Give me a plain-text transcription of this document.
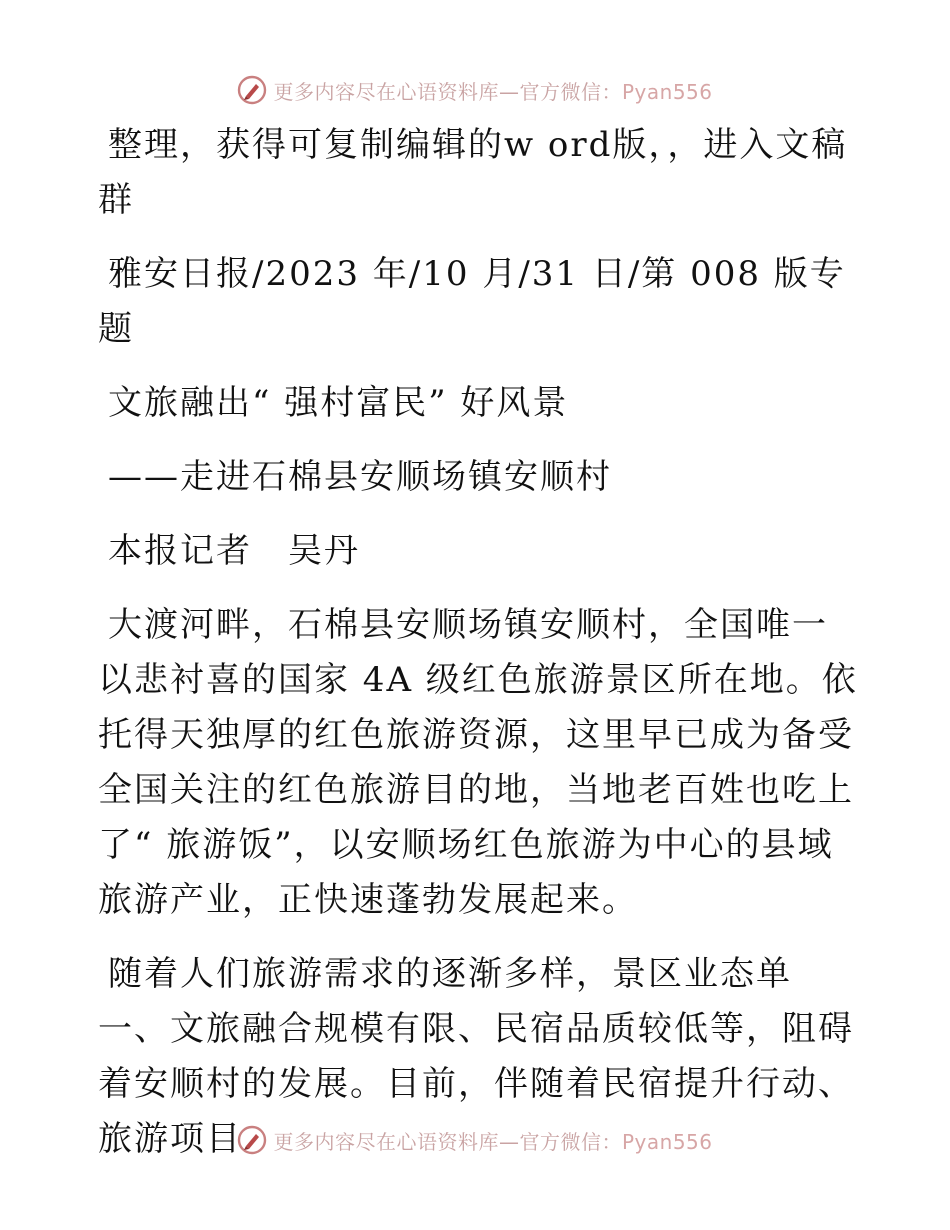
更多内容尽在心语资料库—官方微信：Pyan556

整理，获得可复制编辑的w ord版，，进入文稿群

雅安日报/2023 年/10 月/31 日/第 008 版专题

文旅融出“ 强村富民” 好风景

——走进石棉县安顺场镇安顺村

本报记者　吴丹

大渡河畔，石棉县安顺场镇安顺村，全国唯一以悲衬喜的国家 4A 级红色旅游景区所在地。依托得天独厚的红色旅游资源，这里早已成为备受全国关注的红色旅游目的地，当地老百姓也吃上了“ 旅游饭”，以安顺场红色旅游为中心的县域旅游产业，正快速蓬勃发展起来。

随着人们旅游需求的逐渐多样，景区业态单一、文旅融合规模有限、民宿品质较低等，阻碍着安顺村的发展。目前，伴随着民宿提升行动、旅游项目	更多内容尽在心语资料库—官方微信：Pyan556
